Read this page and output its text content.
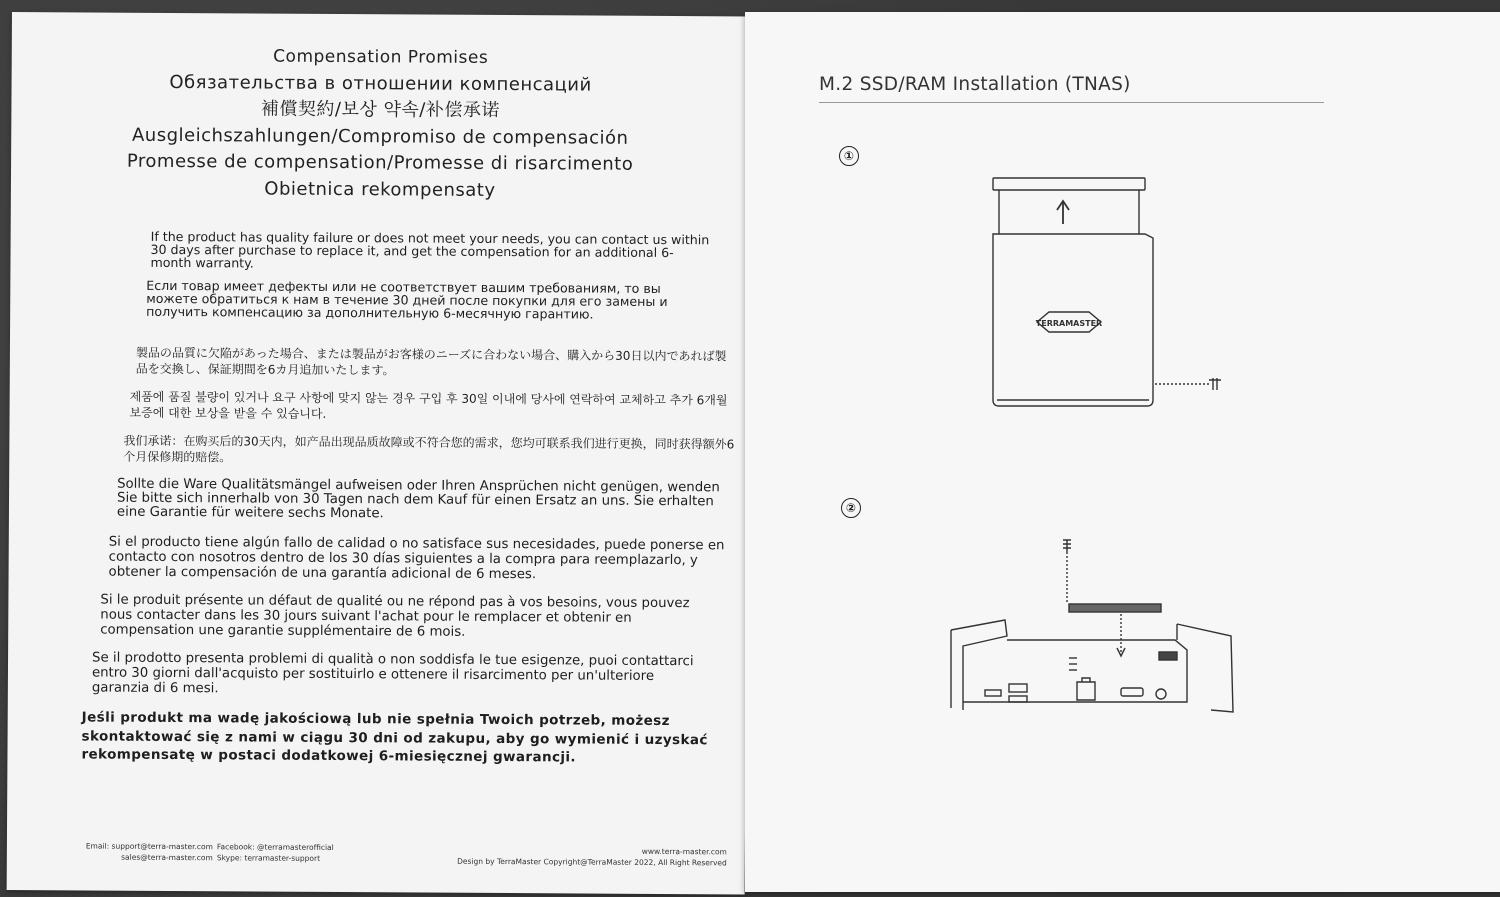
Compensation Promises
Обязательства в отношении компенсаций
補償契約/보상 약속/补偿承诺
Ausgleichszahlungen/Compromiso de compensación
Promesse de compensation/Promesse di risarcimento
Obietnica rekompensaty
If the product has quality failure or does not meet your needs, you can contact us within 30 days after purchase to replace it, and get the compensation for an additional 6-month warranty.
Если товар имеет дефекты или не соответствует вашим требованиям, то вы можете обратиться к нам в течение 30 дней после покупки для его замены и получить компенсацию за дополнительную 6-месячную гарантию.
製品の品質に欠陥があった場合、または製品がお客様のニーズに合わない場合、購入から30日以内であれば製品を交換し、保証期間を6カ月追加いたします。
제품에 품질 불량이 있거나 요구 사항에 맞지 않는 경우 구입 후 30일 이내에 당사에 연락하여 교체하고 추가 6개월 보증에 대한 보상을 받을 수 있습니다.
我们承诺：在购买后的30天内，如产品出现品质故障或不符合您的需求，您均可联系我们进行更换，同时获得额外6个月保修期的赔偿。
Sollte die Ware Qualitätsmängel aufweisen oder Ihren Ansprüchen nicht genügen, wenden Sie bitte sich innerhalb von 30 Tagen nach dem Kauf für einen Ersatz an uns. Sie erhalten eine Garantie für weitere sechs Monate.
Si el producto tiene algún fallo de calidad o no satisface sus necesidades, puede ponerse en contacto con nosotros dentro de los 30 días siguientes a la compra para reemplazarlo, y obtener la compensación de una garantía adicional de 6 meses.
Si le produit présente un défaut de qualité ou ne répond pas à vos besoins, vous pouvez nous contacter dans les 30 jours suivant l'achat pour le remplacer et obtenir en compensation une garantie supplémentaire de 6 mois.
Se il prodotto presenta problemi di qualità o non soddisfa le tue esigenze, puoi contattarci entro 30 giorni dall'acquisto per sostituirlo e ottenere il risarcimento per un'ulteriore garanzia di 6 mesi.
Jeśli produkt ma wadę jakościową lub nie spełnia Twoich potrzeb, możesz skontaktować się z nami w ciągu 30 dni od zakupu, aby go wymienić i uzyskać rekompensatę w postaci dodatkowej 6-miesięcznej gwarancji.
Email: support@terra-master.com
sales@terra-master.com
Facebook: @terramasterofficial
Skype: terramaster-support
www.terra-master.com
Design by TerraMaster Copyright@TerraMaster 2022, All Right Reserved
M.2 SSD/RAM Installation (TNAS)
①
②
TERRAMASTER
